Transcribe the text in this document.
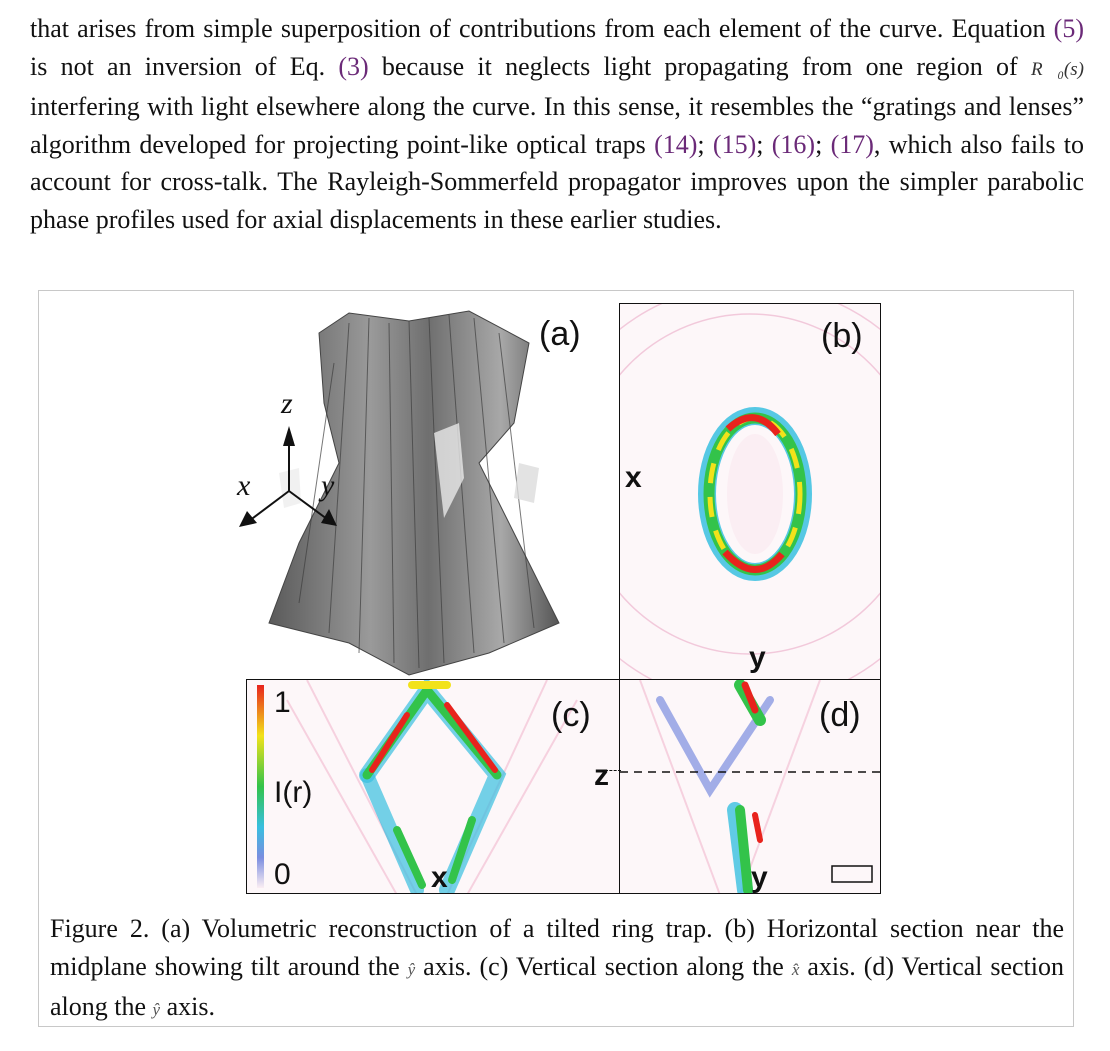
that arises from simple superposition of contributions from each element of the curve. Equation (5) is not an inversion of Eq. (3) because it neglects light propagating from one region of R⃗₀(s) interfering with light elsewhere along the curve. In this sense, it resembles the “gratings and lenses” algorithm developed for projecting point-like optical traps (14); (15); (16); (17), which also fails to account for cross-talk. The Rayleigh-Sommerfeld propagator improves upon the simpler parabolic phase profiles used for axial displacements in these earlier studies.
(a)
z
x y
(b)
x
y
(c)
1
0
I(r)
z
x
(d)
y
Figure 2. (a) Volumetric reconstruction of a tilted ring trap. (b) Horizontal section near the midplane showing tilt around the ŷ axis. (c) Vertical section along the x̂ axis. (d) Vertical section along the ŷ axis.
